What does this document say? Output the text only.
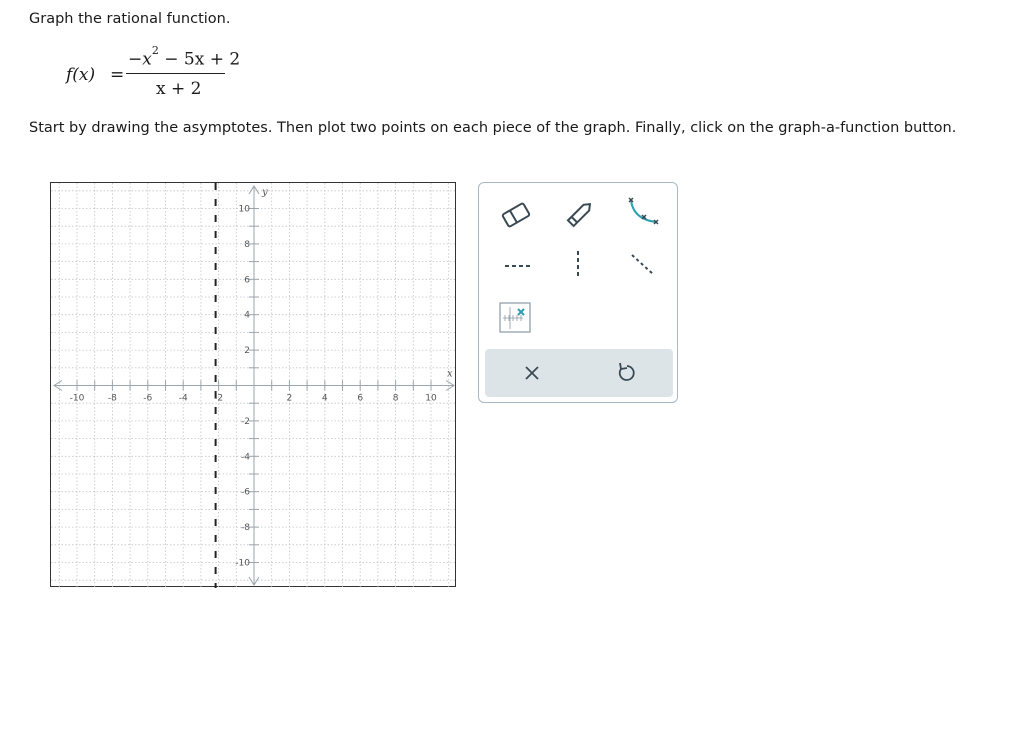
Graph the rational function.
f(x) =
$-x^2 - 5x + 2$
x + 2
Start by drawing the asymptotes. Then plot two points on each piece of the graph. Finally, click on the graph-a-function button.
-10	-8	-6	-4	-2	2	4	6	8	10
10
8
6
4
2
-2
-4
-6
-8
-10
x
y
